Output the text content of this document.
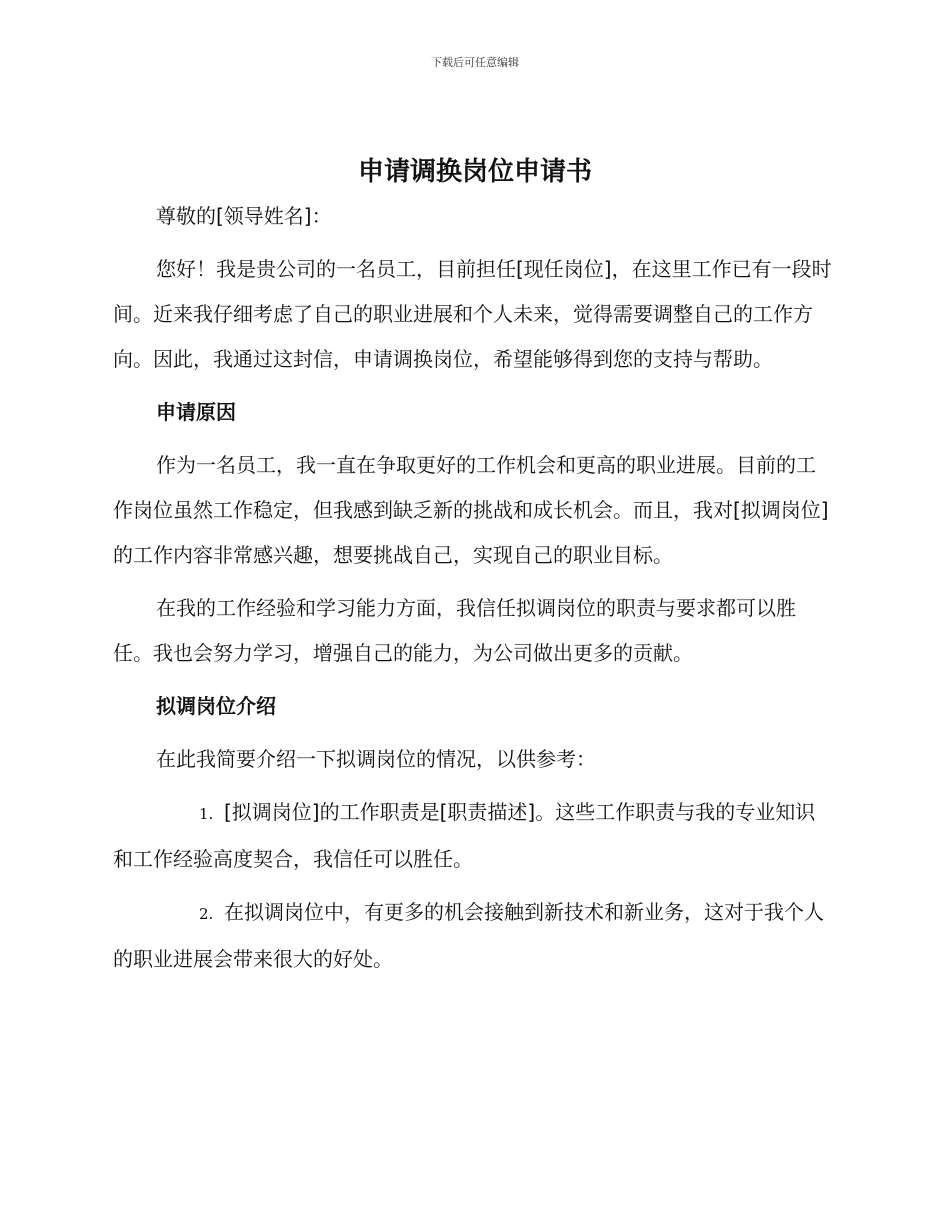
下载后可任意编辑
申请调换岗位申请书

尊敬的[领导姓名]：

您好！我是贵公司的一名员工，目前担任[现任岗位]，在这里工作已有一段时间。近来我仔细考虑了自己的职业进展和个人未来，觉得需要调整自己的工作方向。因此，我通过这封信，申请调换岗位，希望能够得到您的支持与帮助。

申请原因

作为一名员工，我一直在争取更好的工作机会和更高的职业进展。目前的工作岗位虽然工作稳定，但我感到缺乏新的挑战和成长机会。而且，我对[拟调岗位]的工作内容非常感兴趣，想要挑战自己，实现自己的职业目标。

在我的工作经验和学习能力方面，我信任拟调岗位的职责与要求都可以胜任。我也会努力学习，增强自己的能力，为公司做出更多的贡献。

拟调岗位介绍

在此我简要介绍一下拟调岗位的情况，以供参考：

1. [拟调岗位]的工作职责是[职责描述]。这些工作职责与我的专业知识和工作经验高度契合，我信任可以胜任。

2. 在拟调岗位中，有更多的机会接触到新技术和新业务，这对于我个人的职业进展会带来很大的好处。
